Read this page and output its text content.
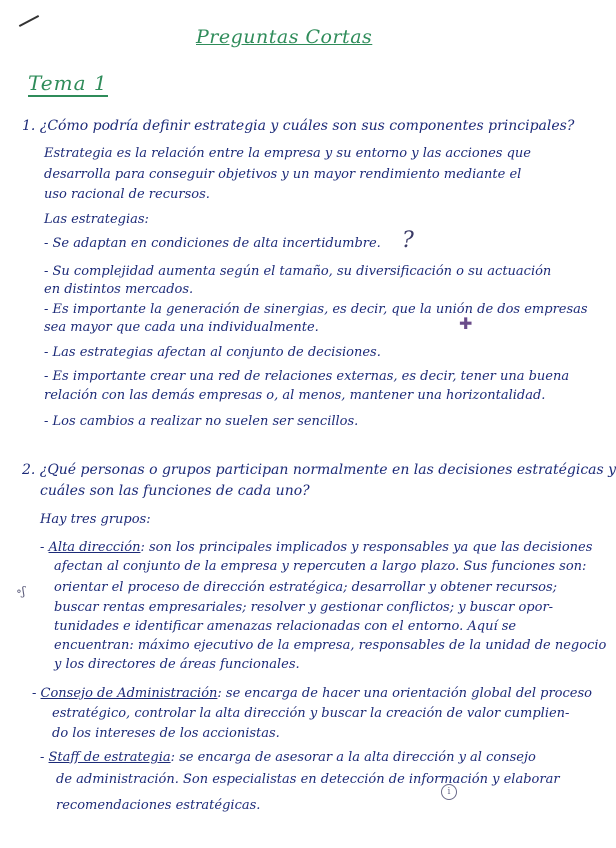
Preguntas Cortas
Tema 1
1. ¿Cómo podría definir estrategia y cuáles son sus componentes principales?
Estrategia es la relación entre la empresa y su entorno y las acciones que
desarrolla para conseguir objetivos y un mayor rendimiento mediante el
uso racional de recursos.
Las estrategias:
- Se adaptan en condiciones de alta incertidumbre. ?
- Su complejidad aumenta según el tamaño, su diversificación o su actuación
en distintos mercados.
- Es importante la generación de sinergias, es decir, que la unión de dos empresas
sea mayor que cada una individualmente.	✚
- Las estrategias afectan al conjunto de decisiones.
- Es importante crear una red de relaciones externas, es decir, tener una buena
relación con las demás empresas o, al menos, mantener una horizontalidad.
- Los cambios a realizar no suelen ser sencillos.
2. ¿Qué personas o grupos participan normalmente en las decisiones estratégicas y
cuáles son las funciones de cada uno?
Hay tres grupos:
- Alta dirección: son los principales implicados y responsables ya que las decisiones
afectan al conjunto de la empresa y repercuten a largo plazo. Sus funciones son:
orientar el proceso de dirección estratégica; desarrollar y obtener recursos;
buscar rentas empresariales; resolver y gestionar conflictos; y buscar opor-
tunidades e identificar amenazas relacionadas con el entorno. Aquí se
encuentran: máximo ejecutivo de la empresa, responsables de la unidad de negocio
y los directores de áreas funcionales.
∘ʃ
- Consejo de Administración: se encarga de hacer una orientación global del proceso
estratégico, controlar la alta dirección y buscar la creación de valor cumplien-
do los intereses de los accionistas.
- Staff de estrategia: se encarga de asesorar a la alta dirección y al consejo
de administración. Son especialistas en detección de información y elaborar
recomendaciones estratégicas.
i
